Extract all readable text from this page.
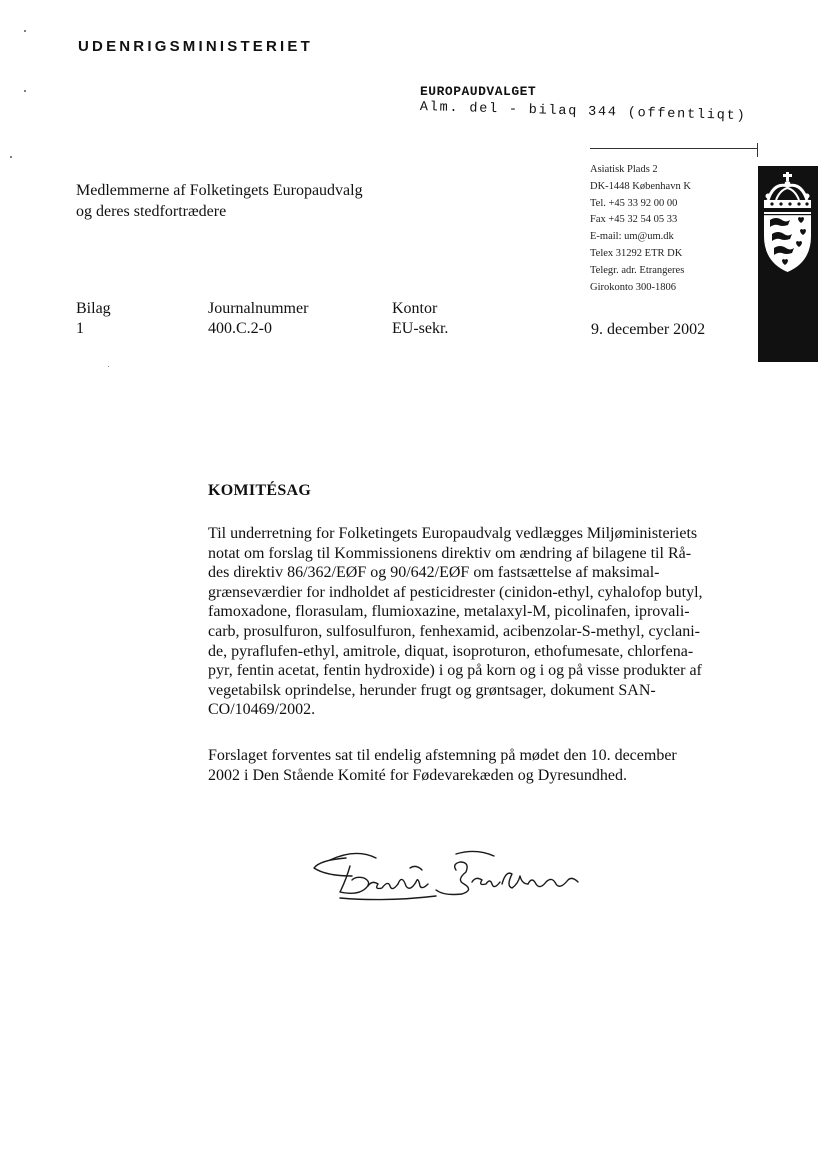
UDENRIGSMINISTERIET
EUROPAUDVALGET
Alm. del - bilaq 344 (offentliqt)
Asiatisk Plads 2
DK-1448 København K
Tel. +45 33 92 00 00
Fax +45 32 54 05 33
E-mail: um@um.dk
Telex 31292 ETR DK
Telegr. adr. Etrangeres
Girokonto 300-1806
Medlemmerne af Folketingets Europaudvalg
og deres stedfortrædere
Bilag
1
Journalnummer
400.C.2-0
Kontor
EU-sekr.	9. december 2002
KOMITÉSAG
Til underretning for Folketingets Europaudvalg vedlægges Miljøministeriets
notat om forslag til Kommissionens direktiv om ændring af bilagene til Rå-
des direktiv 86/362/EØF og 90/642/EØF om fastsættelse af maksimal-
grænseværdier for indholdet af pesticidrester (cinidon-ethyl, cyhalofop butyl,
famoxadone, florasulam, flumioxazine, metalaxyl-M, picolinafen, iprovali-
carb, prosulfuron, sulfosulfuron, fenhexamid, acibenzolar-S-methyl, cyclani-
de, pyraflufen-ethyl, amitrole, diquat, isoproturon, ethofumesate, chlorfena-
pyr, fentin acetat, fentin hydroxide) i og på korn og i og på visse produkter af
vegetabilsk oprindelse, herunder frugt og grøntsager, dokument SAN-
CO/10469/2002.
Forslaget forventes sat til endelig afstemning på mødet den 10. december
2002 i Den Stående Komité for Fødevarekæden og Dyresundhed.
